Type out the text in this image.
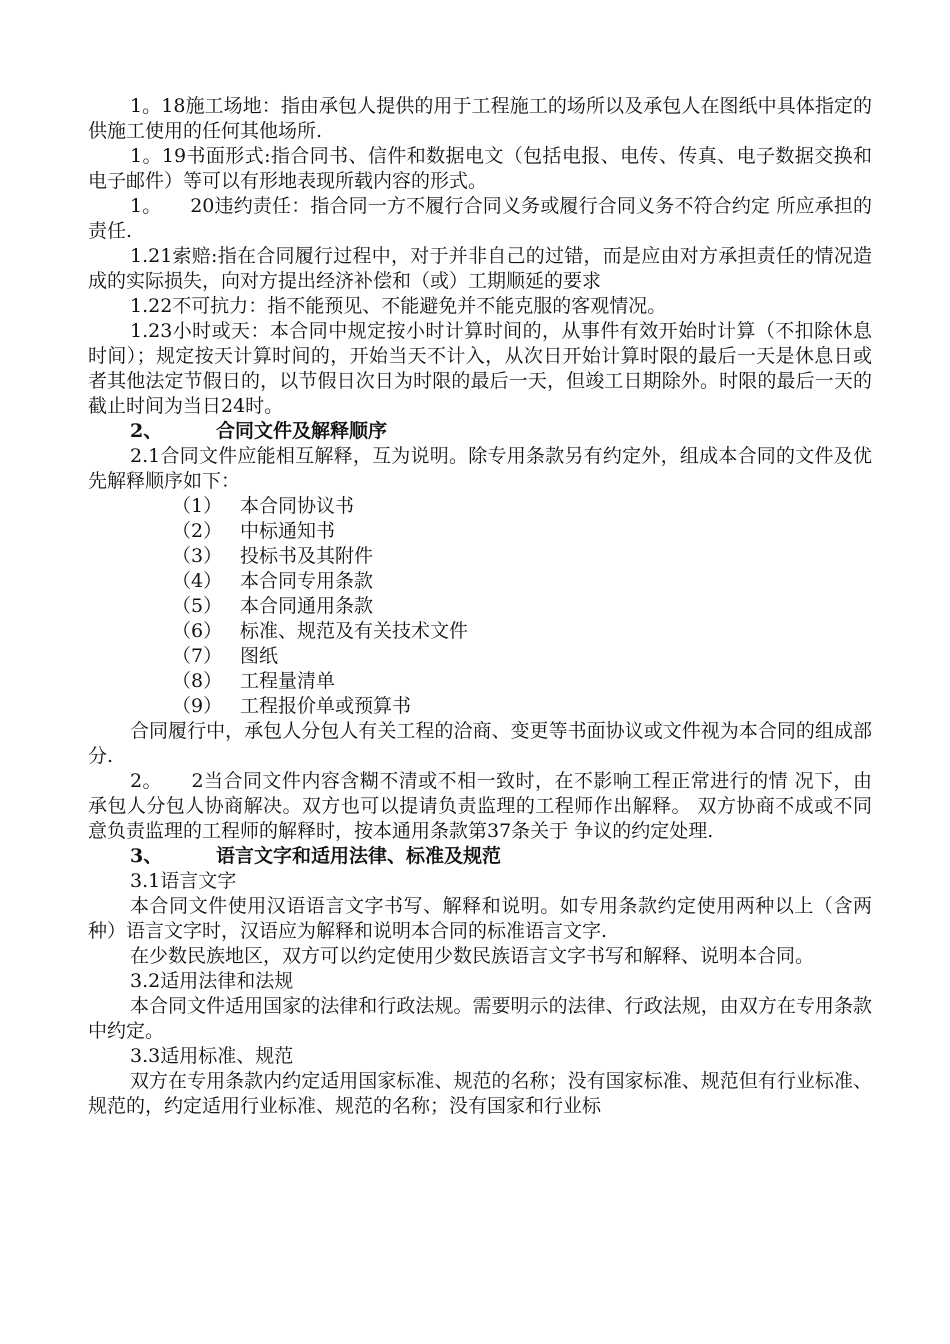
1。18施工场地：指由承包人提供的用于工程施工的场所以及承包人在图纸中具体指定的供施工使用的任何其他场所.

1。19书面形式:指合同书、信件和数据电文（包括电报、电传、传真、电子数据交换和电子邮件）等可以有形地表现所载内容的形式。

1。　　20违约责任：指合同一方不履行合同义务或履行合同义务不符合约定 所应承担的责任.

1.21索赔:指在合同履行过程中，对于并非自己的过错，而是应由对方承担责任的情况造成的实际损失，向对方提出经济补偿和（或）工期顺延的要求

1.22不可抗力：指不能预见、不能避免并不能克服的客观情况。

1.23小时或天：本合同中规定按小时计算时间的，从事件有效开始时计算（不扣除休息时间）；规定按天计算时间的，开始当天不计入，从次日开始计算时限的最后一天是休息日或者其他法定节假日的，以节假日次日为时限的最后一天，但竣工日期除外。时限的最后一天的截止时间为当日24时。

2、	合同文件及解释顺序

2.1合同文件应能相互解释，互为说明。除专用条款另有约定外，组成本合同的文件及优先解释顺序如下：

（1） 本合同协议书
（2） 中标通知书
（3） 投标书及其附件
（4） 本合同专用条款
（5） 本合同通用条款
（6） 标准、规范及有关技术文件
（7） 图纸
（8） 工程量清单
（9） 工程报价单或预算书

合同履行中，承包人分包人有关工程的洽商、变更等书面协议或文件视为本合同的组成部分.

2。　　2当合同文件内容含糊不清或不相一致时，在不影响工程正常进行的情 况下，由承包人分包人协商解决。双方也可以提请负责监理的工程师作出解释。 双方协商不成或不同意负责监理的工程师的解释时，按本通用条款第37条关于 争议的约定处理.

3、	语言文字和适用法律、标准及规范

3.1语言文字

本合同文件使用汉语语言文字书写、解释和说明。如专用条款约定使用两种以上（含两种）语言文字时，汉语应为解释和说明本合同的标准语言文字.

在少数民族地区，双方可以约定使用少数民族语言文字书写和解释、说明本合同。

3.2适用法律和法规

本合同文件适用国家的法律和行政法规。需要明示的法律、行政法规，由双方在专用条款中约定。

3.3适用标准、规范

双方在专用条款内约定适用国家标准、规范的名称；没有国家标准、规范但有行业标准、规范的，约定适用行业标准、规范的名称；没有国家和行业标
